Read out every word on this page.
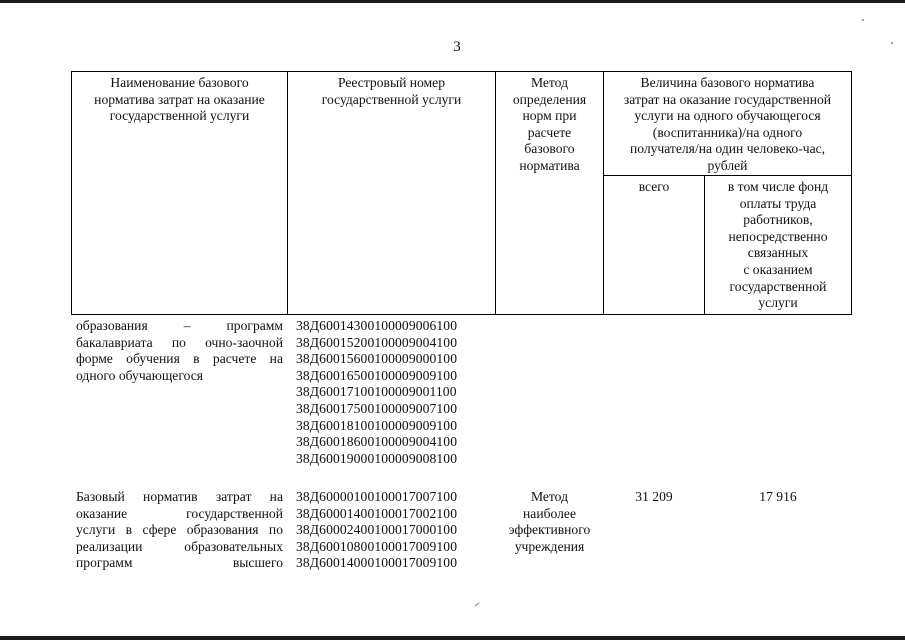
3
Наименование базового
норматива затрат на оказание
государственной услуги
Реестровый номер
государственной услуги
Метод
определения
норм при
расчете
базового
норматива
Величина базового норматива
затрат на оказание государственной
услуги на одного обучающегося
(воспитанника)/на одного
получателя/на один человеко-час,
рублей
всего	в том числе фонд
оплаты труда
работников,
непосредственно
связанных
с оказанием
государственной
услуги
образования – программ
бакалавриата по очно-заочной
форме обучения в расчете на

одного обучающегося
38Д60014300100009006100
38Д60015200100009004100
38Д60015600100009000100
38Д60016500100009009100
38Д60017100100009001100
38Д60017500100009007100
38Д60018100100009009100
38Д60018600100009004100
38Д60019000100009008100
Базовый норматив затрат на
оказание государственной
услуги в сфере образования по
реализации образовательных
программ высшего
38Д60000100100017007100
38Д60001400100017002100
38Д60002400100017000100
38Д60010800100017009100
38Д60014000100017009100
Метод
наиболее
эффективного
учреждения
31 209	17 916
